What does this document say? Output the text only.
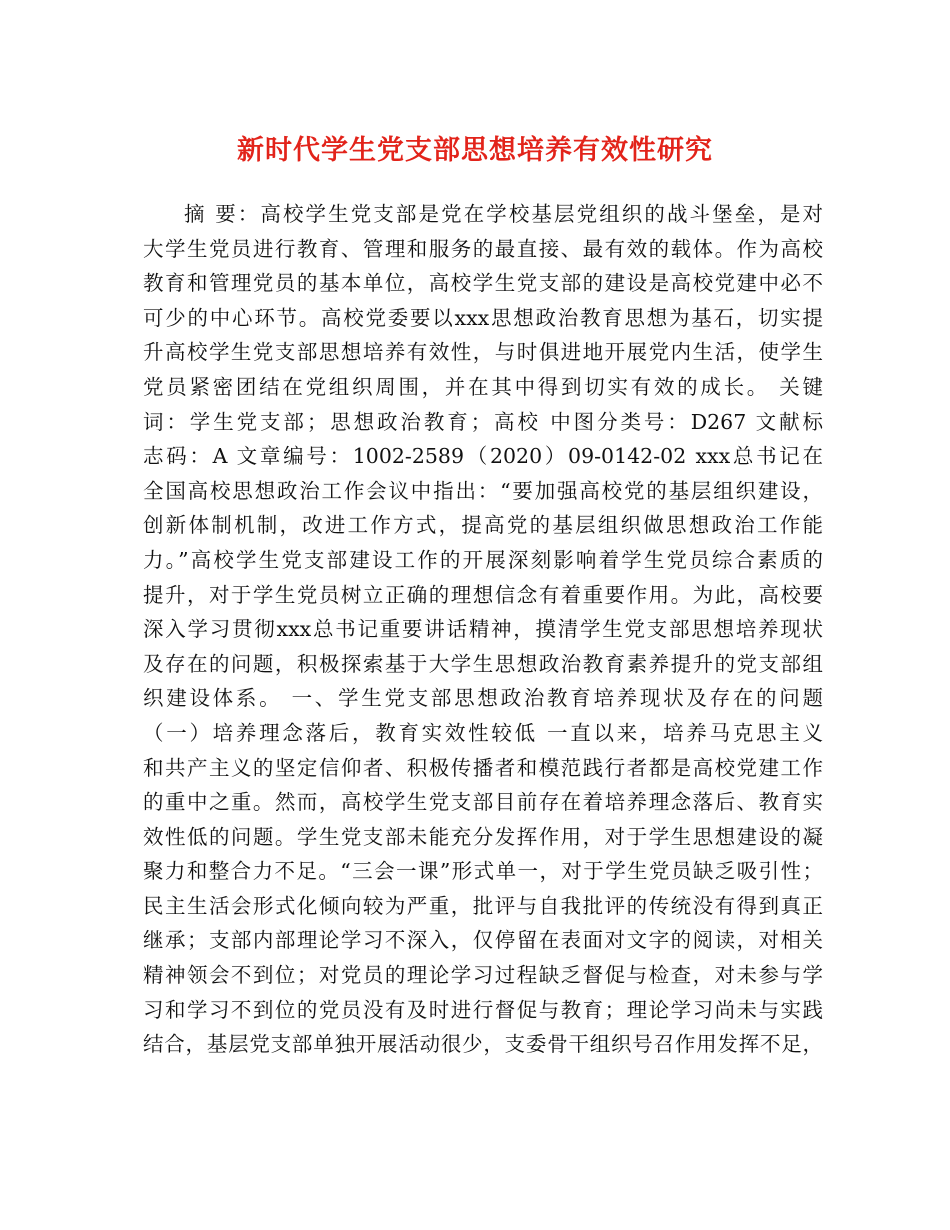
新时代学生党支部思想培养有效性研究
摘 要：高校学生党支部是党在学校基层党组织的战斗堡垒，是对
大学生党员进行教育、管理和服务的最直接、最有效的载体。作为高校
教育和管理党员的基本单位，高校学生党支部的建设是高校党建中必不
可少的中心环节。高校党委要以xxx思想政治教育思想为基石，切实提
升高校学生党支部思想培养有效性，与时俱进地开展党内生活，使学生
党员紧密团结在党组织周围，并在其中得到切实有效的成长。 关键
词：学生党支部；思想政治教育；高校 中图分类号：D267 文献标
志码：A 文章编号：1002-2589（2020）09-0142-02 xxx总书记在
全国高校思想政治工作会议中指出：“要加强高校党的基层组织建设，
创新体制机制，改进工作方式，提高党的基层组织做思想政治工作能
力。”高校学生党支部建设工作的开展深刻影响着学生党员综合素质的
提升，对于学生党员树立正确的理想信念有着重要作用。为此，高校要
深入学习贯彻xxx总书记重要讲话精神，摸清学生党支部思想培养现状
及存在的问题，积极探索基于大学生思想政治教育素养提升的党支部组
织建设体系。 一、学生党支部思想政治教育培养现状及存在的问题
（一）培养理念落后，教育实效性较低 一直以来，培养马克思主义
和共产主义的坚定信仰者、积极传播者和模范践行者都是高校党建工作
的重中之重。然而，高校学生党支部目前存在着培养理念落后、教育实
效性低的问题。学生党支部未能充分发挥作用，对于学生思想建设的凝
聚力和整合力不足。“三会一课”形式单一，对于学生党员缺乏吸引性；
民主生活会形式化倾向较为严重，批评与自我批评的传统没有得到真正
继承；支部内部理论学习不深入，仅停留在表面对文字的阅读，对相关
精神领会不到位；对党员的理论学习过程缺乏督促与检查，对未参与学
习和学习不到位的党员没有及时进行督促与教育；理论学习尚未与实践
结合，基层党支部单独开展活动很少，支委骨干组织号召作用发挥不足，
